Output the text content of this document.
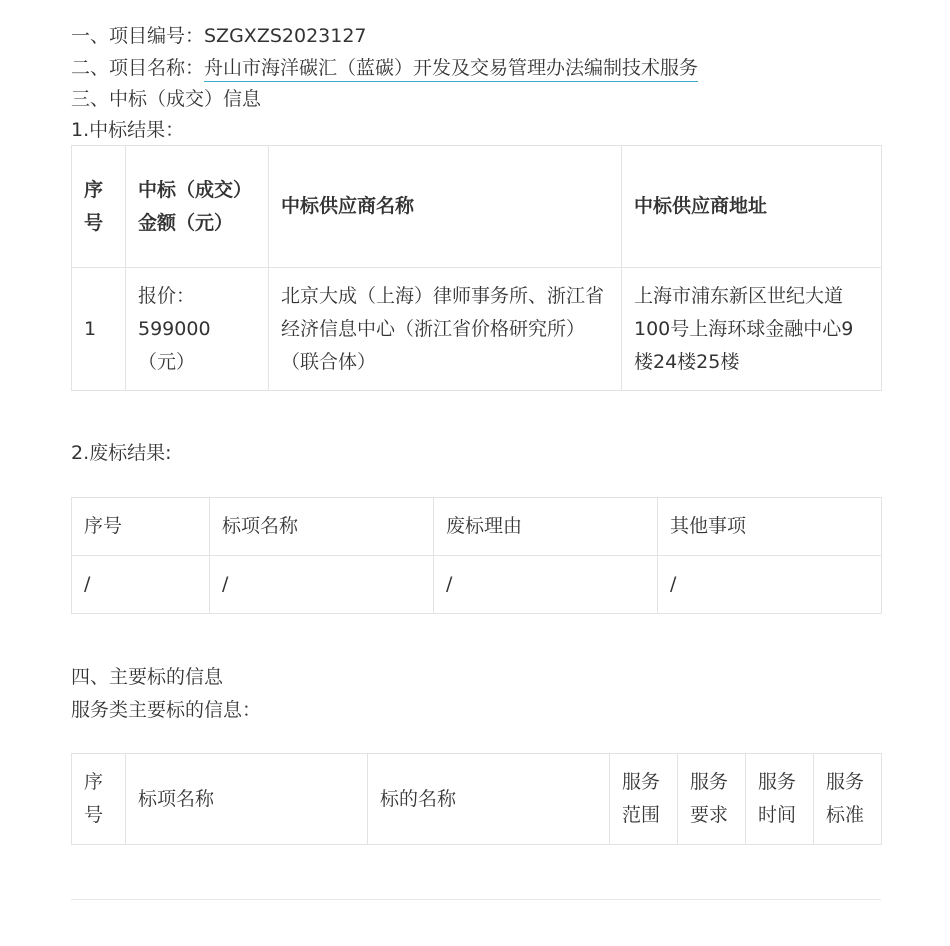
一、项目编号：SZGXZS2023127
二、项目名称：舟山市海洋碳汇（蓝碳）开发及交易管理办法编制技术服务
三、中标（成交）信息
1.中标结果：
序号	中标（成交）金额（元）	中标供应商名称	中标供应商地址
1	报价：599000（元）	北京大成（上海）律师事务所、浙江省经济信息中心（浙江省价格研究所）（联合体）	上海市浦东新区世纪大道100号上海环球金融中心9楼24楼25楼
2.废标结果:
序号	标项名称	废标理由	其他事项
/	/	/	/
四、主要标的信息
服务类主要标的信息：
序号	标项名称	标的名称	服务范围	服务要求	服务时间	服务标准
